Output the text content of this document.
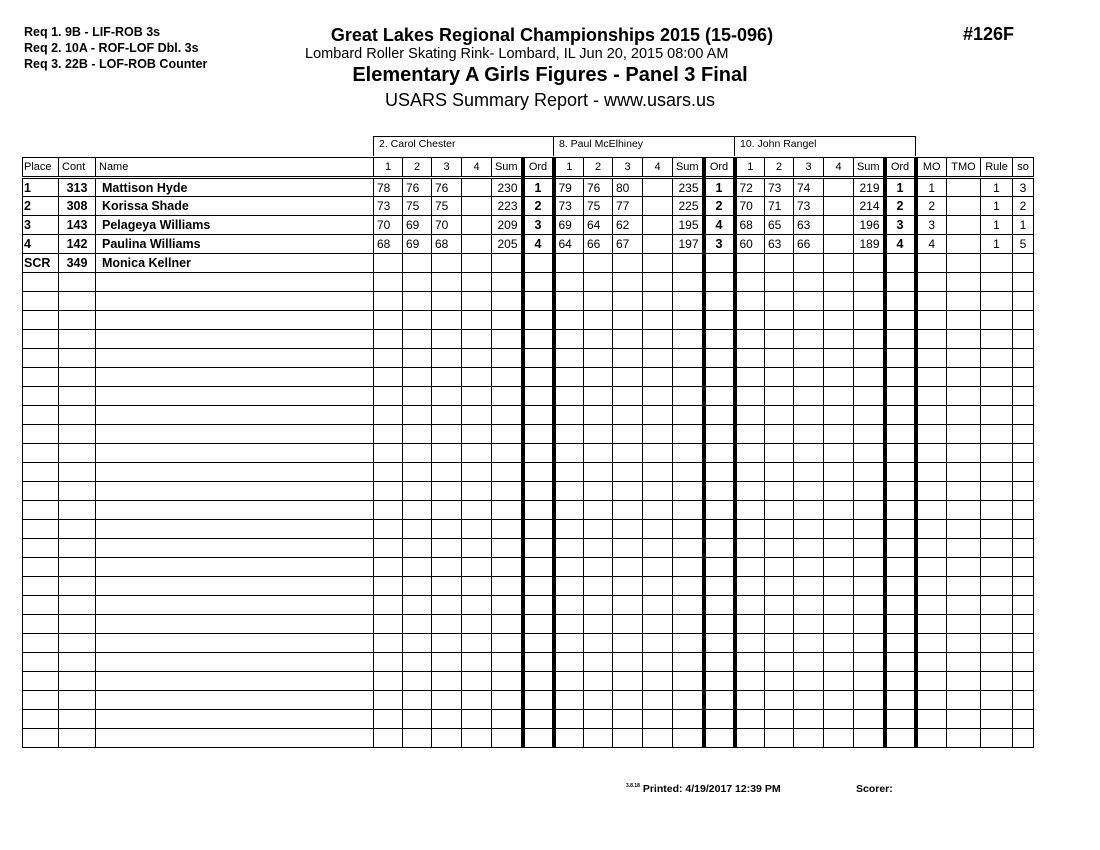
Req 1. 9B - LIF-ROB 3s
Req 2. 10A - ROF-LOF Dbl. 3s
Req 3. 22B - LOF-ROB Counter
Great Lakes Regional Championships 2015 (15-096)
Lombard Roller Skating Rink- Lombard, IL Jun 20, 2015 08:00 AM
Elementary A Girls Figures - Panel 3 Final
USARS Summary Report - www.usars.us
#126F
2. Carol Chester	8. Paul McElhiney	10. John Rangel
Place	Cont	Name	1	2	3	4	Sum	Ord	1	2	3	4	Sum	Ord	1	2	3	4	Sum	Ord	MO	TMO	Rule	so
1	313	Mattison Hyde	78	76	76		230	1	79	76	80		235	1	72	73	74		219	1	1		1	3
2	308	Korissa Shade	73	75	75		223	2	73	75	77		225	2	70	71	73		214	2	2		1	2
3	143	Pelageya Williams	70	69	70		209	3	69	64	62		195	4	68	65	63		196	3	3		1	1
4	142	Paulina Williams	68	69	68		205	4	64	66	67		197	3	60	63	66		189	4	4		1	5
SCR	349	Monica Kellner																						

$^{3.8.18}$ Printed: 4/19/2017 12:39 PM	Scorer:
